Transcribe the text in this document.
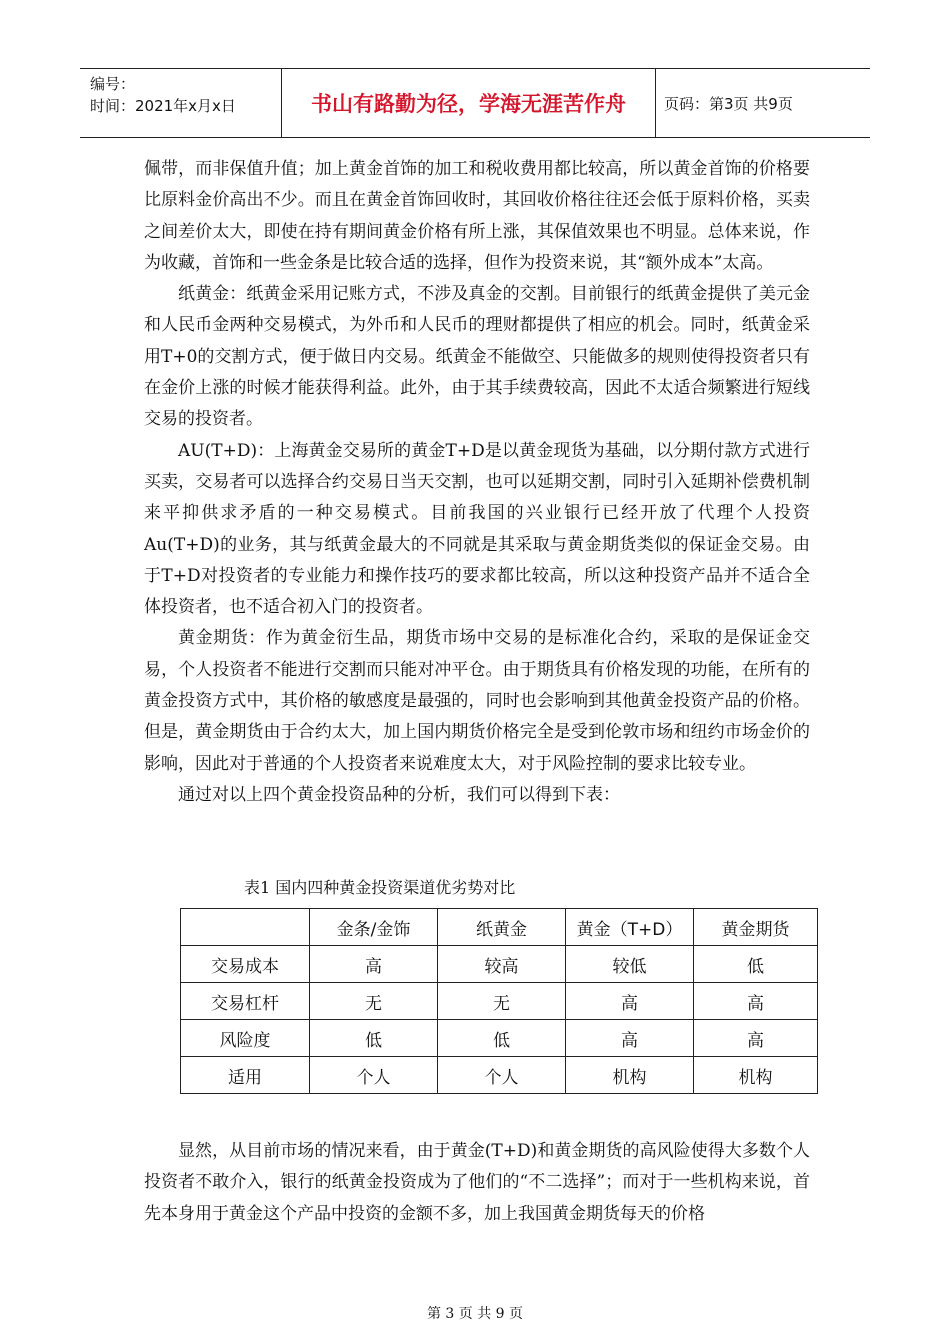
编号：
时间：2021年x月x日	书山有路勤为径，学海无涯苦作舟	页码：第3页 共9页

佩带，而非保值升值；加上黄金首饰的加工和税收费用都比较高，所以黄金首饰的价格要比原料金价高出不少。而且在黄金首饰回收时，其回收价格往往还会低于原料价格，买卖之间差价太大，即使在持有期间黄金价格有所上涨，其保值效果也不明显。总体来说，作为收藏，首饰和一些金条是比较合适的选择，但作为投资来说，其“额外成本”太高。

纸黄金：纸黄金采用记账方式，不涉及真金的交割。目前银行的纸黄金提供了美元金和人民币金两种交易模式，为外币和人民币的理财都提供了相应的机会。同时，纸黄金采用T+0的交割方式，便于做日内交易。纸黄金不能做空、只能做多的规则使得投资者只有在金价上涨的时候才能获得利益。此外，由于其手续费较高，因此不太适合频繁进行短线交易的投资者。

AU(T+D)：上海黄金交易所的黄金T+D是以黄金现货为基础，以分期付款方式进行买卖，交易者可以选择合约交易日当天交割，也可以延期交割，同时引入延期补偿费机制来平抑供求矛盾的一种交易模式。目前我国的兴业银行已经开放了代理个人投资Au(T+D)的业务，其与纸黄金最大的不同就是其采取与黄金期货类似的保证金交易。由于T+D对投资者的专业能力和操作技巧的要求都比较高，所以这种投资产品并不适合全体投资者，也不适合初入门的投资者。

黄金期货：作为黄金衍生品，期货市场中交易的是标准化合约，采取的是保证金交易，个人投资者不能进行交割而只能对冲平仓。由于期货具有价格发现的功能，在所有的黄金投资方式中，其价格的敏感度是最强的，同时也会影响到其他黄金投资产品的价格。但是，黄金期货由于合约太大，加上国内期货价格完全是受到伦敦市场和纽约市场金价的影响，因此对于普通的个人投资者来说难度太大，对于风险控制的要求比较专业。

通过对以上四个黄金投资品种的分析，我们可以得到下表：

表1 国内四种黄金投资渠道优劣势对比
	金条/金饰	纸黄金	黄金（T+D）	黄金期货
交易成本	高	较高	较低	低
交易杠杆	无	无	高	高
风险度	低	低	高	高
适用	个人	个人	机构	机构

显然，从目前市场的情况来看，由于黄金(T+D)和黄金期货的高风险使得大多数个人投资者不敢介入，银行的纸黄金投资成为了他们的“不二选择”；而对于一些机构来说，首先本身用于黄金这个产品中投资的金额不多，加上我国黄金期货每天的价格

第 3 页 共 9 页
